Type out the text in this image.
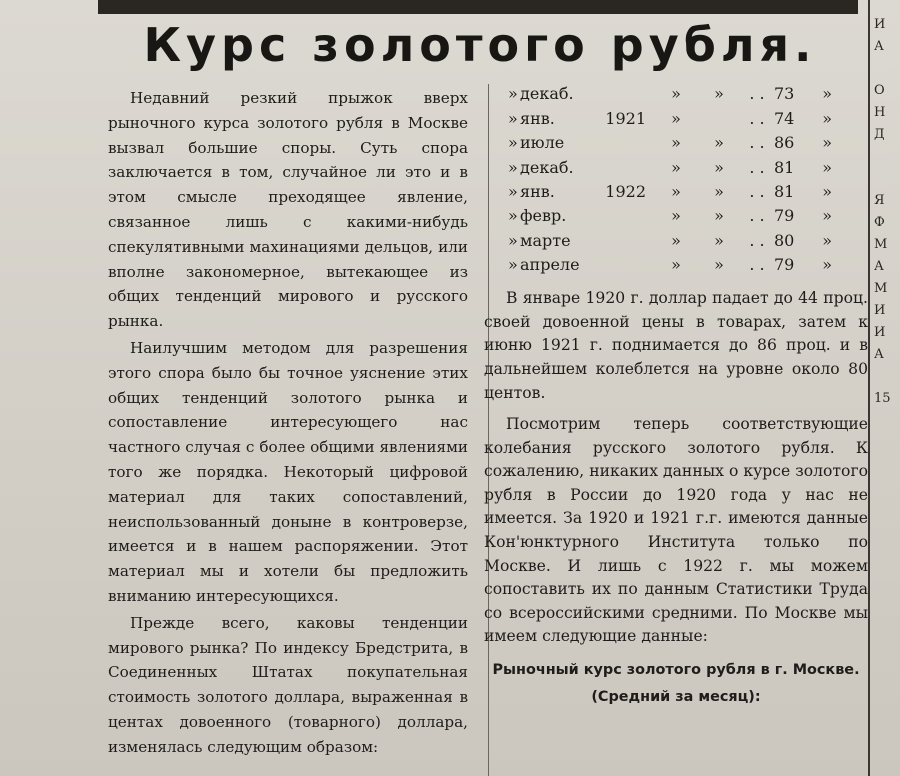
Курс золотого рубля.

Недавний резкий прыжок вверх рыночного курса золотого рубля в Москве вызвал большие споры. Суть спора заключается в том, случайное ли это и в этом смысле преходящее явление, связанное лишь с какими-нибудь спекулятивными махинациями дельцов, или вполне закономерное, вытекающее из общих тенденций мирового и русского рынка.

Наилучшим методом для разрешения этого спора было бы точное уяснение этих общих тенденций золотого рынка и сопоставление интересующего нас частного случая с более общими явлениями того же порядка. Некоторый цифровой материал для таких сопоставлений, неиспользованный доныне в контроверзе, имеется и в нашем распоряжении. Этот материал мы и хотели бы предложить вниманию интересующихся.

Прежде всего, каковы тенденции мирового рынка? По индексу Бредстрита, в Соединенных Штатах покупательная стоимость золотого доллара, выраженная в центах довоенного (товарного) доллара, изменялась следующим образом:

» декаб.	»	»	. . 73	»
» янв.	1921	»	. . 74	»
» июле	»	»	. . 86	»
» декаб.	»	»	. . 81	»
» янв.	1922	»	»	. . 81	»
» февр.	»	»	. . 79	»
» марте	»	»	. . 80	»
» апреле	»	»	. . 79	»

В январе 1920 г. доллар падает до 44 проц. своей довоенной цены в товарах, затем к июню 1921 г. поднимается до 86 проц. и в дальнейшем колеблется на уровне около 80 центов.

Посмотрим теперь соответствующие колебания русского золотого рубля. К сожалению, никаких данных о курсе золотого рубля в России до 1920 года у нас не имеется. За 1920 и 1921 г.г. имеются данные Кон'юнктурного Института только по Москве. И лишь с 1922 г. мы можем сопоставить их по данным Статистики Труда со всероссийскими средними. По Москве мы имеем следующие данные:

Рыночный курс золотого рубля в г. Москве.
(Средний за месяц):
И
А
О
Н
Д
Я
Ф
М
А
М
И
И
А
15
